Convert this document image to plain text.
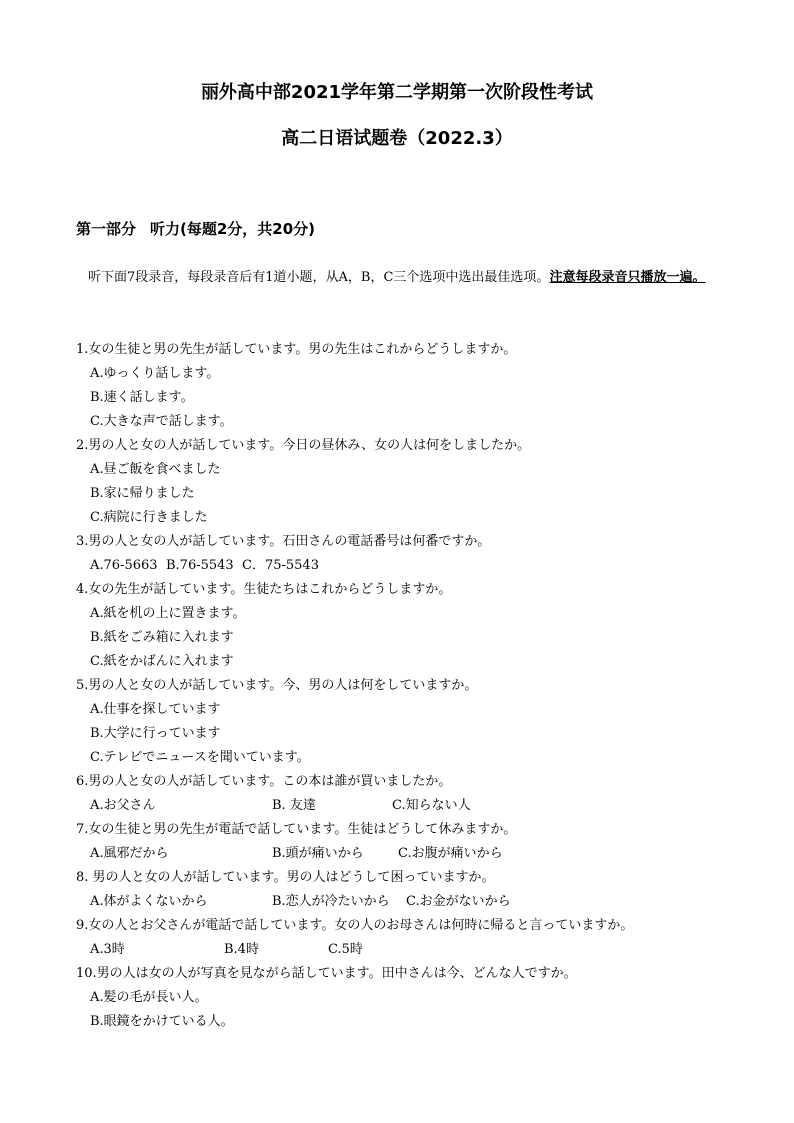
丽外高中部2021学年第二学期第一次阶段性考试
高二日语试题卷（2022.3）
第一部分 听力(每题2分，共20分)
听下面7段录音，每段录音后有1道小题，从A，B，C三个选项中选出最佳选项。注意每段录音只播放一遍。
1.女の生徒と男の先生が話しています。男の先生はこれからどうしますか。
A.ゆっくり話します。
B.速く話します。
C.大きな声で話します。
2.男の人と女の人が話しています。今日の昼休み、女の人は何をしましたか。
A.昼ご飯を食べました
B.家に帰りました
C.病院に行きました
3.男の人と女の人が話しています。石田さんの電話番号は何番ですか。
A.76-5663 B.76-5543 C．75-5543
4.女の先生が話しています。生徒たちはこれからどうしますか。
A.紙を机の上に置きます。
B.紙をごみ箱に入れます
C.紙をかばんに入れます
5.男の人と女の人が話しています。今、男の人は何をしていますか。
A.仕事を探しています
B.大学に行っています
C.テレビでニュースを聞いています。
6.男の人と女の人が話しています。この本は誰が買いましたか。
A.お父さん	B. 友達	C.知らない人
7.女の生徒と男の先生が電話で話しています。生徒はどうして休みますか。
A.風邪だから	B.頭が痛いから	C.お腹が痛いから
8. 男の人と女の人が話しています。男の人はどうして困っていますか。
A.体がよくないから	B.恋人が冷たいから C.お金がないから
9.女の人とお父さんが電話で話しています。女の人のお母さんは何時に帰ると言っていますか。
A.3時	B.4時	C.5時
10.男の人は女の人が写真を見ながら話しています。田中さんは今、どんな人ですか。
A.髪の毛が長い人。
B.眼鏡をかけている人。
